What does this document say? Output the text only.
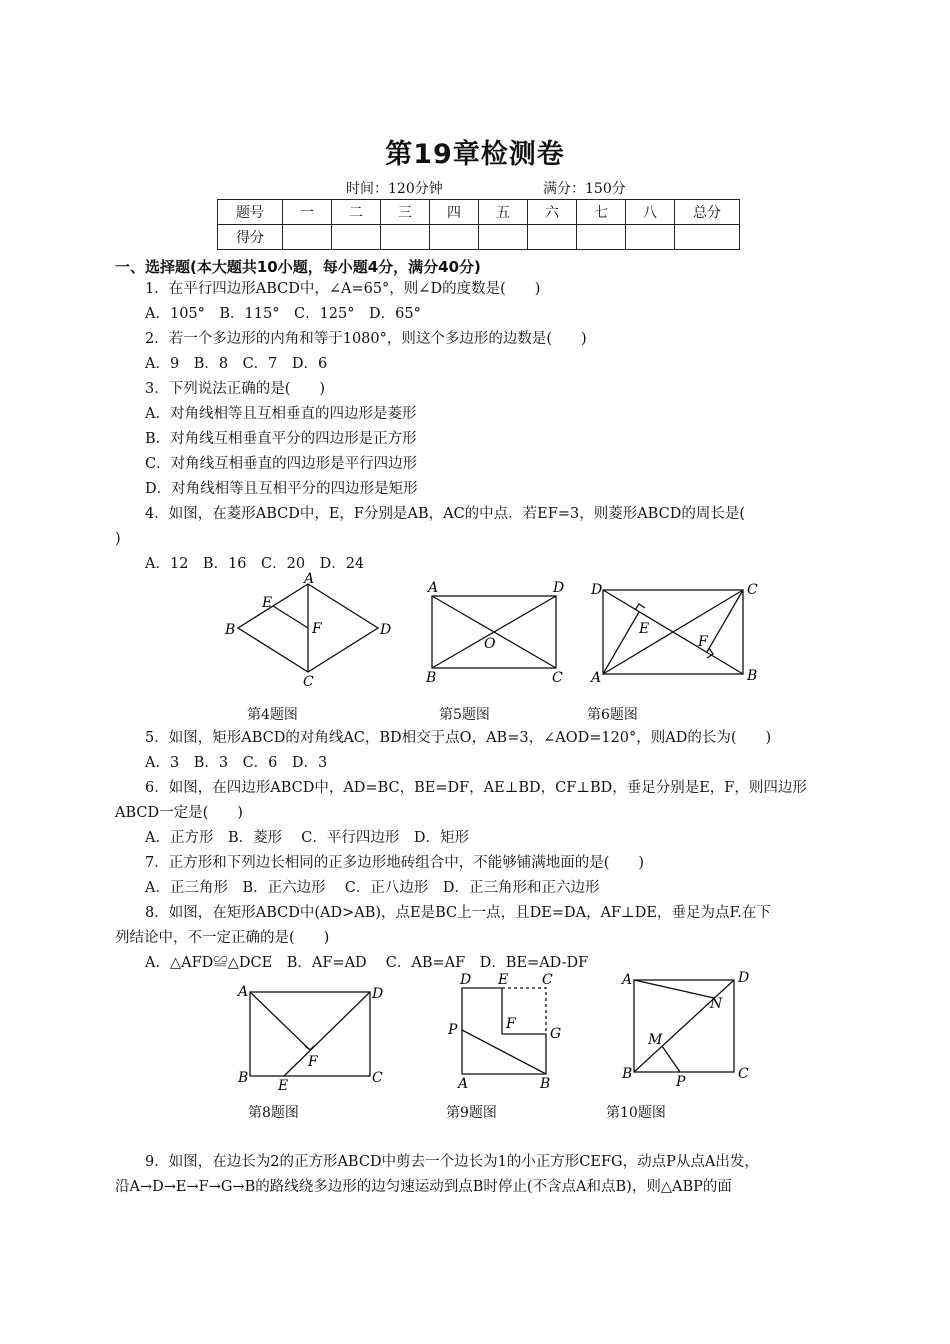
第19章检测卷
时间：120分钟	满分：150分
题号	一	二	三	四	五	六	七	八	总分
得分									
一、选择题(本大题共10小题，每小题4分，满分40分)
1．在平行四边形ABCD中，∠A=65°，则∠D的度数是(　　)
A．105°　B．115°　C．125°　D．65°
2．若一个多边形的内角和等于1080°，则这个多边形的边数是(　　)
A．9　B．8　C．7　D．6
3．下列说法正确的是(　　)
A．对角线相等且互相垂直的四边形是菱形
B．对角线互相垂直平分的四边形是正方形
C．对角线互相垂直的四边形是平行四边形
D．对角线相等且互相平分的四边形是矩形
4．如图，在菱形ABCD中，E，F分别是AB，AC的中点．若EF=3，则菱形ABCD的周长是(
)
A．12　B．16　C．20　D．24
A
B
C
D
E
F
A
B	C
D
O
D
A
C
B
E
F
第4题图	第5题图	第6题图
5．如图，矩形ABCD的对角线AC，BD相交于点O，AB=3，∠AOD=120°，则AD的长为(　　)
A．3　B．3　C．6　D．3
6．如图，在四边形ABCD中，AD=BC，BE=DF，AE⊥BD，CF⊥BD，垂足分别是E，F，则四边形
ABCD一定是(　　)
A．正方形　B．菱形　 C．平行四边形　D．矩形
7．正方形和下列边长相同的正多边形地砖组合中，不能够铺满地面的是(　　)
A．正三角形　B．正六边形　 C．正八边形　D．正三角形和正六边形
8．如图，在矩形ABCD中(AD>AB)，点E是BC上一点，且DE=DA，AF⊥DE，垂足为点F.在下
列结论中，不一定正确的是(　　)
A．△AFD≌△DCE　B．AF=AD　 C．AB=AF　D．BE=AD-DF
A
B	C
D
E
F
D E C
F
G
P
A	B
A
B	C
D
M
N
P
第8题图	第9题图	第10题图
9．如图，在边长为2的正方形ABCD中剪去一个边长为1的小正方形CEFG，动点P从点A出发，
沿A→D→E→F→G→B的路线绕多边形的边匀速运动到点B时停止(不含点A和点B)，则△ABP的面
